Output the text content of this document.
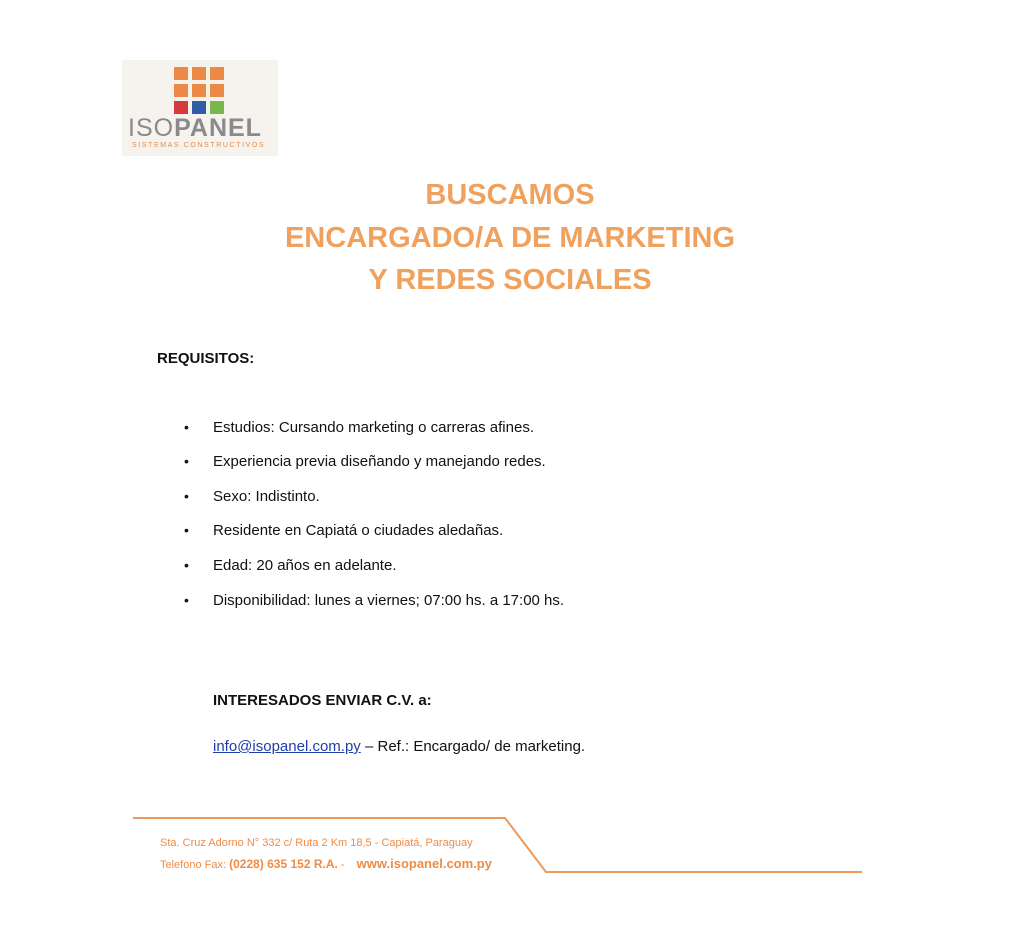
ISOPANEL
SISTEMAS CONSTRUCTIVOS
BUSCAMOS
ENCARGADO/A DE MARKETING
Y REDES SOCIALES
REQUISITOS:
• Estudios: Cursando marketing o carreras afines.
• Experiencia previa diseñando y manejando redes.
• Sexo: Indistinto.
• Residente en Capiatá o ciudades aledañas.
• Edad: 20 años en adelante.
• Disponibilidad: lunes a viernes; 07:00 hs. a 17:00 hs.
INTERESADOS ENVIAR C.V. a:
info@isopanel.com.py – Ref.: Encargado/ de marketing.
Sta. Cruz Adorno N° 332 c/ Ruta 2 Km 18,5 - Capiatá, Paraguay
Telefono Fax: (0228) 635 152 R.A. - www.isopanel.com.py
